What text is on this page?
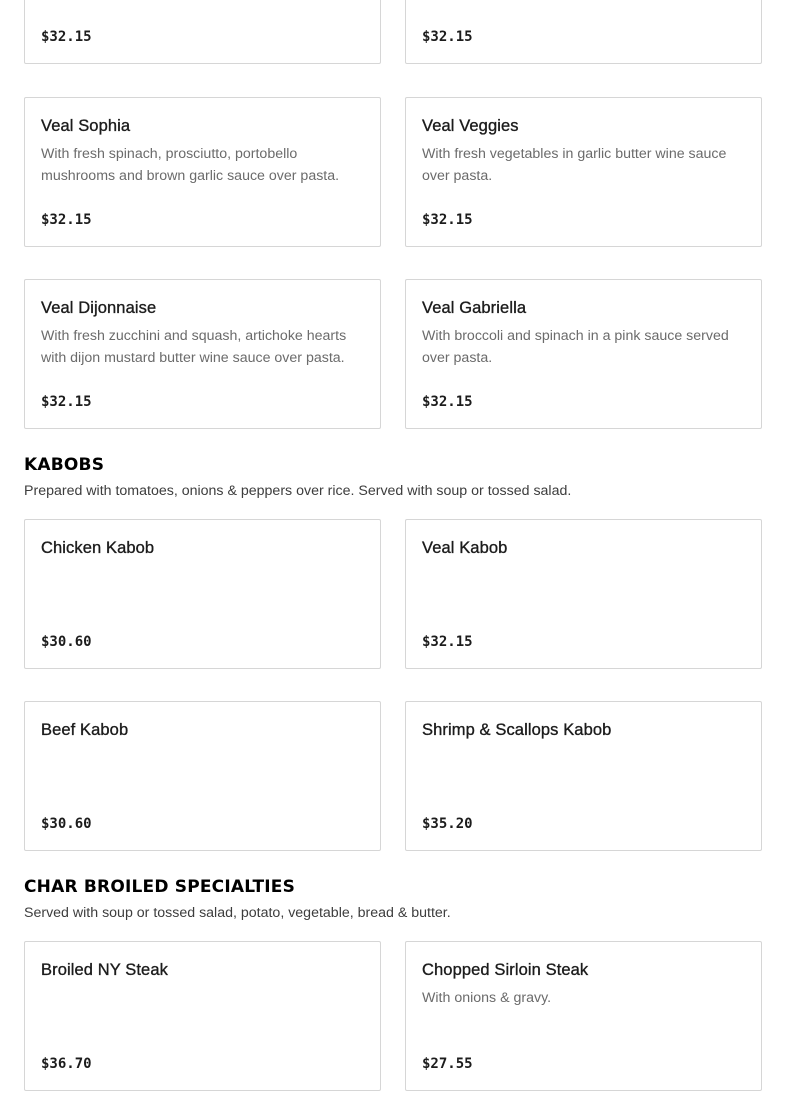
$32.15	$32.15

Veal Sophia

With fresh spinach, prosciutto, portobello mushrooms and brown garlic sauce over pasta.

$32.15

Veal Veggies

With fresh vegetables in garlic butter wine sauce over pasta.

$32.15

Veal Dijonnaise

With fresh zucchini and squash, artichoke hearts with dijon mustard butter wine sauce over pasta.

$32.15

Veal Gabriella

With broccoli and spinach in a pink sauce served over pasta.

$32.15

KABOBS

Prepared with tomatoes, onions & peppers over rice. Served with soup or tossed salad.

Chicken Kabob

$30.60

Veal Kabob

$32.15

Beef Kabob

$30.60

Shrimp & Scallops Kabob

$35.20

CHAR BROILED SPECIALTIES

Served with soup or tossed salad, potato, vegetable, bread & butter.

Broiled NY Steak

$36.70

Chopped Sirloin Steak

With onions & gravy.

$27.55
